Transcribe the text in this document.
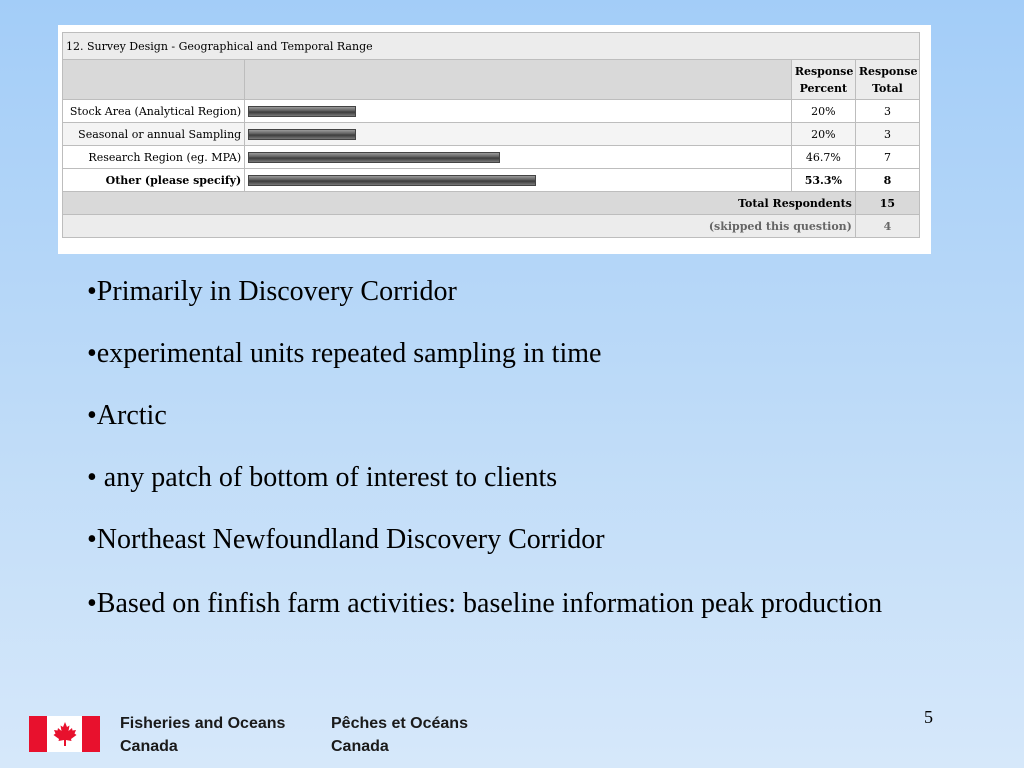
12. Survey Design - Geographical and Temporal Range			
		Response Percent	Response Total
Stock Area (Analytical Region)		20%	3
Seasonal or annual Sampling		20%	3
Research Region (eg. MPA)		46.7%	7
Other (please specify)		53.3%	8
Total Respondents			15
(skipped this question)			4
•Primarily in Discovery Corridor
•experimental units repeated sampling in time
•Arctic
• any patch of bottom of interest to clients
•Northeast Newfoundland Discovery Corridor
•Based on finfish farm activities: baseline information peak production
Fisheries and Oceans
Canada
Pêches et Océans
Canada
5
